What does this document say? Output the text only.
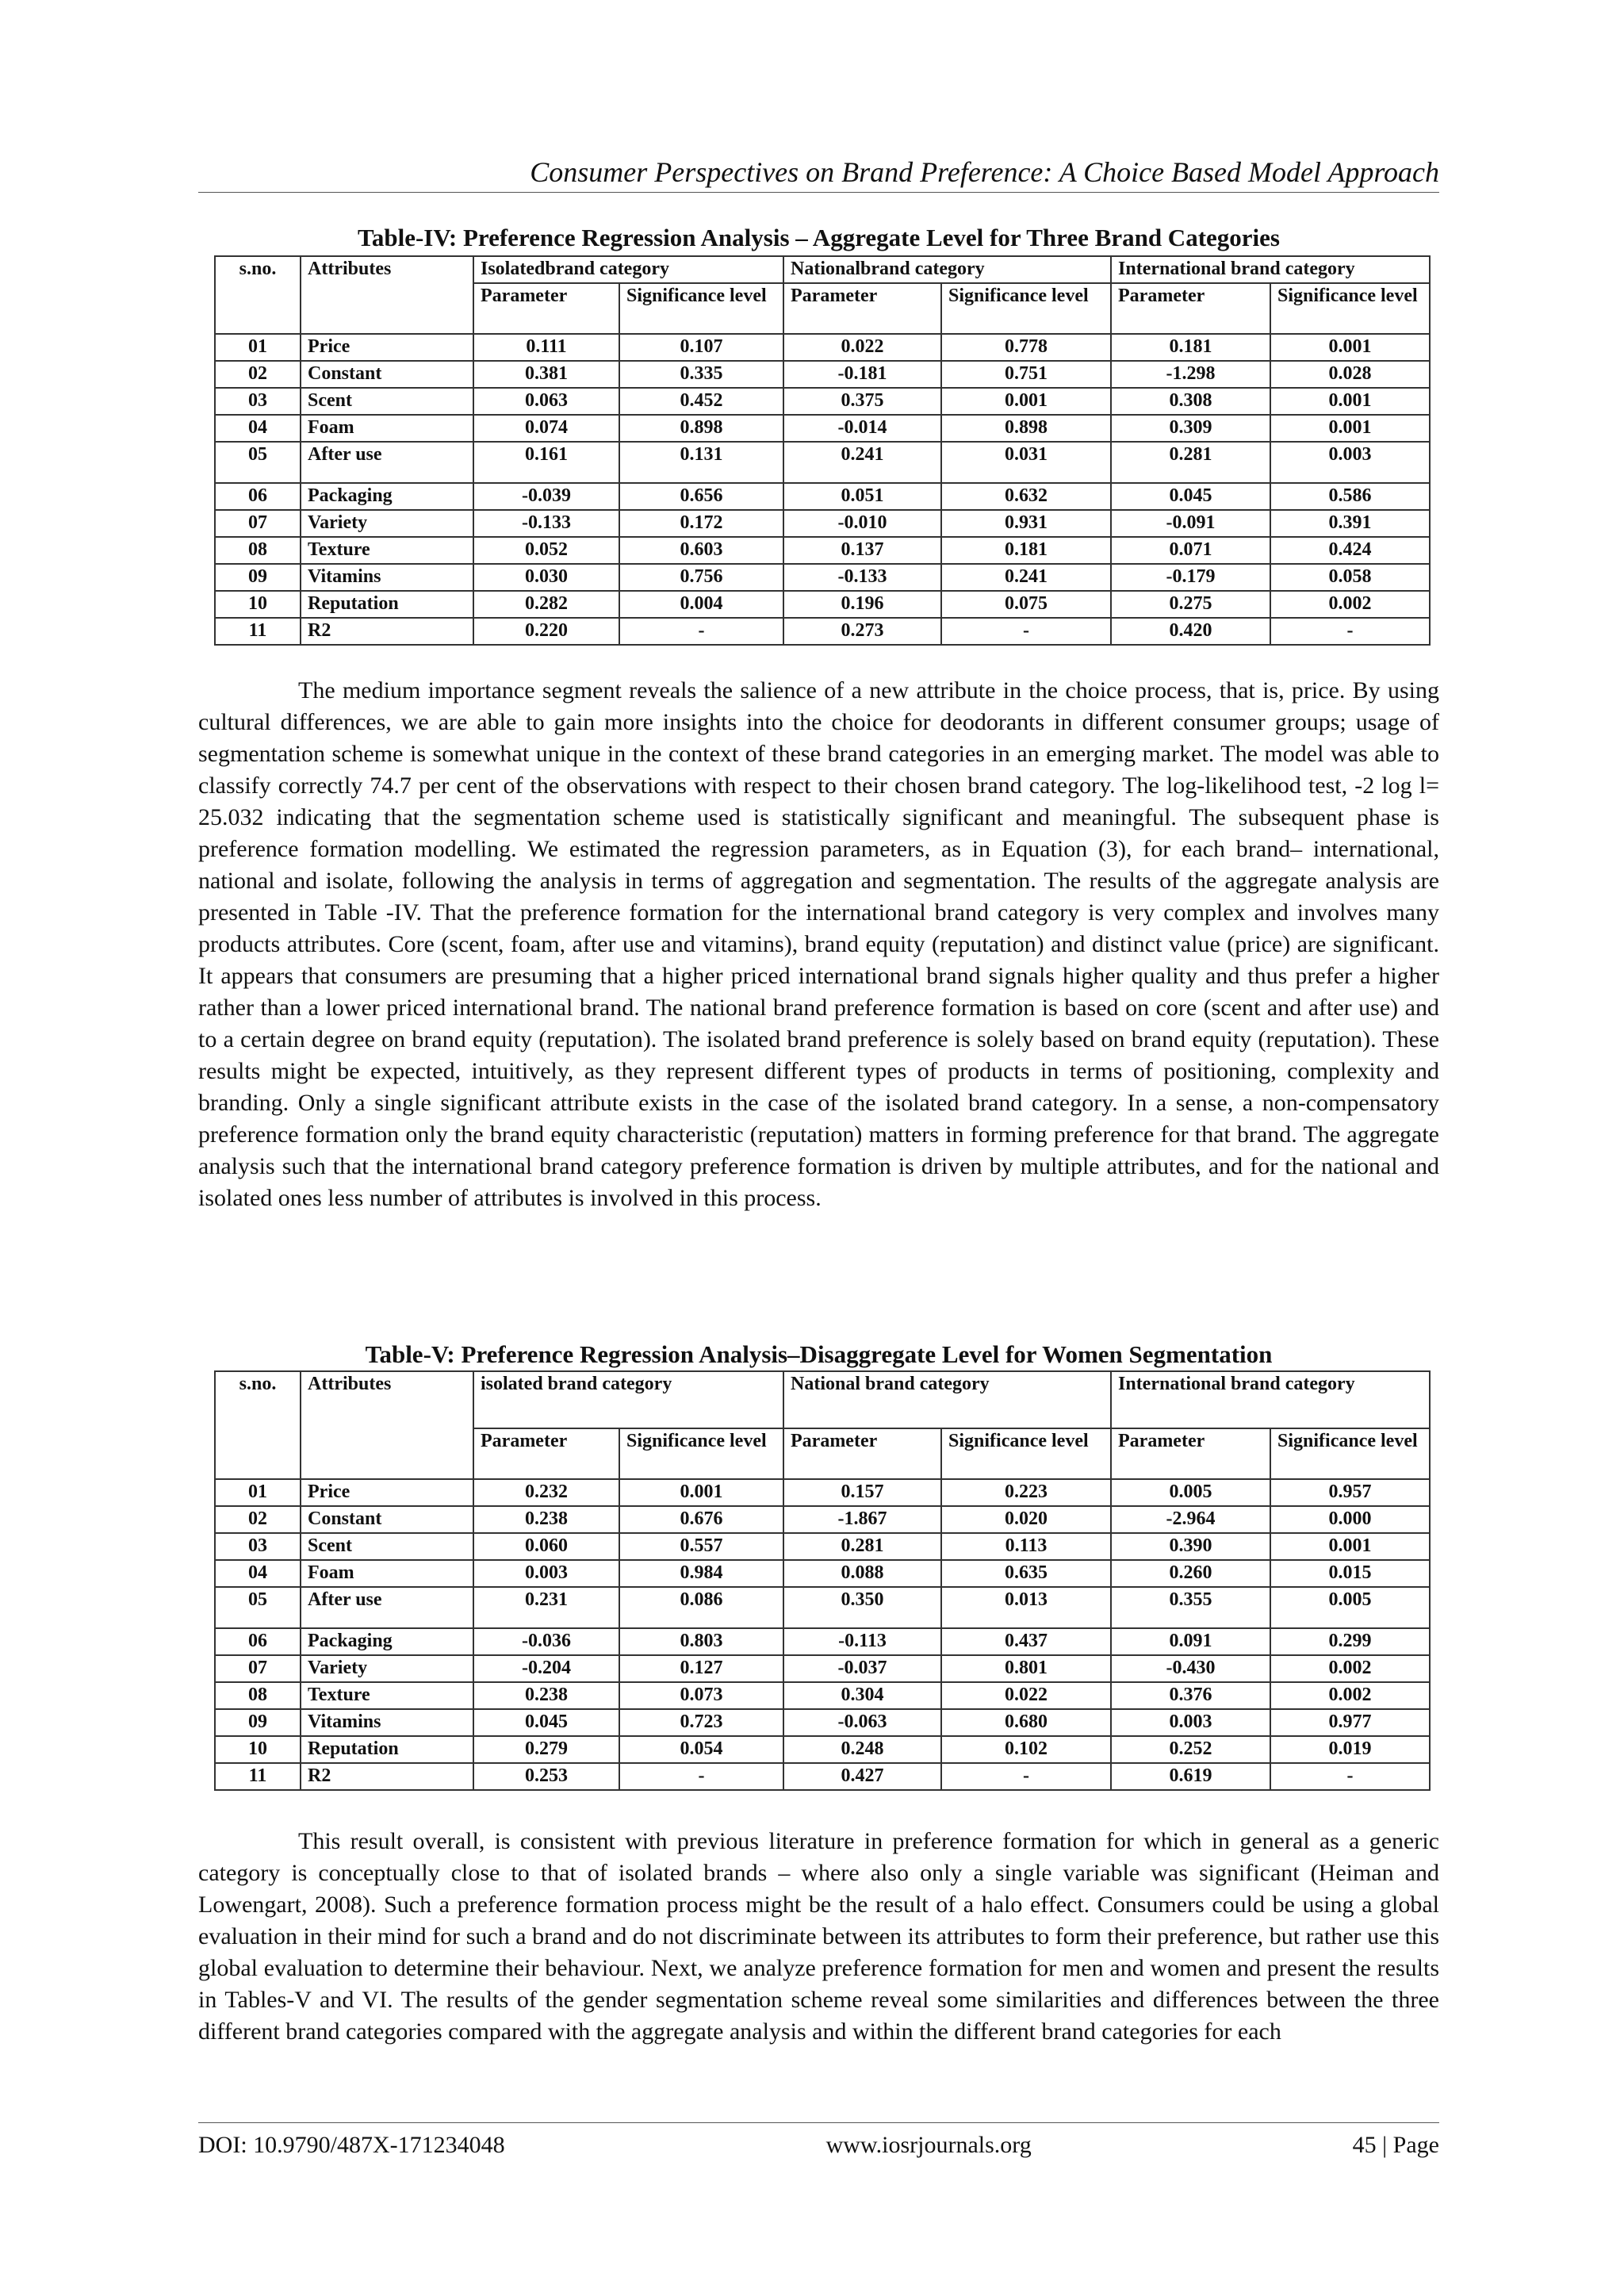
Consumer Perspectives on Brand Preference: A Choice Based Model Approach
Table-IV: Preference Regression Analysis – Aggregate Level for Three Brand Categories
s.no.	Attributes	Isolatedbrand category		Nationalbrand category		International brand category	
		Parameter	Significance level	Parameter	Significance level	Parameter	Significance level
01	Price	0.111	0.107	0.022	0.778	0.181	0.001
02	Constant	0.381	0.335	-0.181	0.751	-1.298	0.028
03	Scent	0.063	0.452	0.375	0.001	0.308	0.001
04	Foam	0.074	0.898	-0.014	0.898	0.309	0.001
05	After use	0.161	0.131	0.241	0.031	0.281	0.003
06	Packaging	-0.039	0.656	0.051	0.632	0.045	0.586
07	Variety	-0.133	0.172	-0.010	0.931	-0.091	0.391
08	Texture	0.052	0.603	0.137	0.181	0.071	0.424
09	Vitamins	0.030	0.756	-0.133	0.241	-0.179	0.058
10	Reputation	0.282	0.004	0.196	0.075	0.275	0.002
11	R2	0.220	-	0.273	-	0.420	-
The medium importance segment reveals the salience of a new attribute in the choice process, that is, price. By using cultural differences, we are able to gain more insights into the choice for deodorants in different consumer groups; usage of segmentation scheme is somewhat unique in the context of these brand categories in an emerging market. The model was able to classify correctly 74.7 per cent of the observations with respect to their chosen brand category. The log-likelihood test, -2 log l= 25.032 indicating that the segmentation scheme used is statistically significant and meaningful. The subsequent phase is preference formation modelling. We estimated the regression parameters, as in Equation (3), for each brand– international, national and isolate, following the analysis in terms of aggregation and segmentation. The results of the aggregate analysis are presented in Table -IV. That the preference formation for the international brand category is very complex and involves many products attributes. Core (scent, foam, after use and vitamins), brand equity (reputation) and distinct value (price) are significant. It appears that consumers are presuming that a higher priced international brand signals higher quality and thus prefer a higher rather than a lower priced international brand. The national brand preference formation is based on core (scent and after use) and to a certain degree on brand equity (reputation). The isolated brand preference is solely based on brand equity (reputation). These results might be expected, intuitively, as they represent different types of products in terms of positioning, complexity and branding. Only a single significant attribute exists in the case of the isolated brand category. In a sense, a non-compensatory preference formation only the brand equity characteristic (reputation) matters in forming preference for that brand. The aggregate analysis such that the international brand category preference formation is driven by multiple attributes, and for the national and isolated ones less number of attributes is involved in this process.
Table-V: Preference Regression Analysis–Disaggregate Level for Women Segmentation
s.no.	Attributes	isolated brand category		National brand category		International brand category	
		Parameter	Significance level	Parameter	Significance level	Parameter	Significance level
01	Price	0.232	0.001	0.157	0.223	0.005	0.957
02	Constant	0.238	0.676	-1.867	0.020	-2.964	0.000
03	Scent	0.060	0.557	0.281	0.113	0.390	0.001
04	Foam	0.003	0.984	0.088	0.635	0.260	0.015
05	After use	0.231	0.086	0.350	0.013	0.355	0.005
06	Packaging	-0.036	0.803	-0.113	0.437	0.091	0.299
07	Variety	-0.204	0.127	-0.037	0.801	-0.430	0.002
08	Texture	0.238	0.073	0.304	0.022	0.376	0.002
09	Vitamins	0.045	0.723	-0.063	0.680	0.003	0.977
10	Reputation	0.279	0.054	0.248	0.102	0.252	0.019
11	R2	0.253	-	0.427	-	0.619	-
This result overall, is consistent with previous literature in preference formation for which in general as a generic category is conceptually close to that of isolated brands – where also only a single variable was significant (Heiman and Lowengart, 2008). Such a preference formation process might be the result of a halo effect. Consumers could be using a global evaluation in their mind for such a brand and do not discriminate between its attributes to form their preference, but rather use this global evaluation to determine their behaviour. Next, we analyze preference formation for men and women and present the results in Tables-V and VI. The results of the gender segmentation scheme reveal some similarities and differences between the three different brand categories compared with the aggregate analysis and within the different brand categories for each
DOI: 10.9790/487X-171234048	www.iosrjournals.org	45 | Page
